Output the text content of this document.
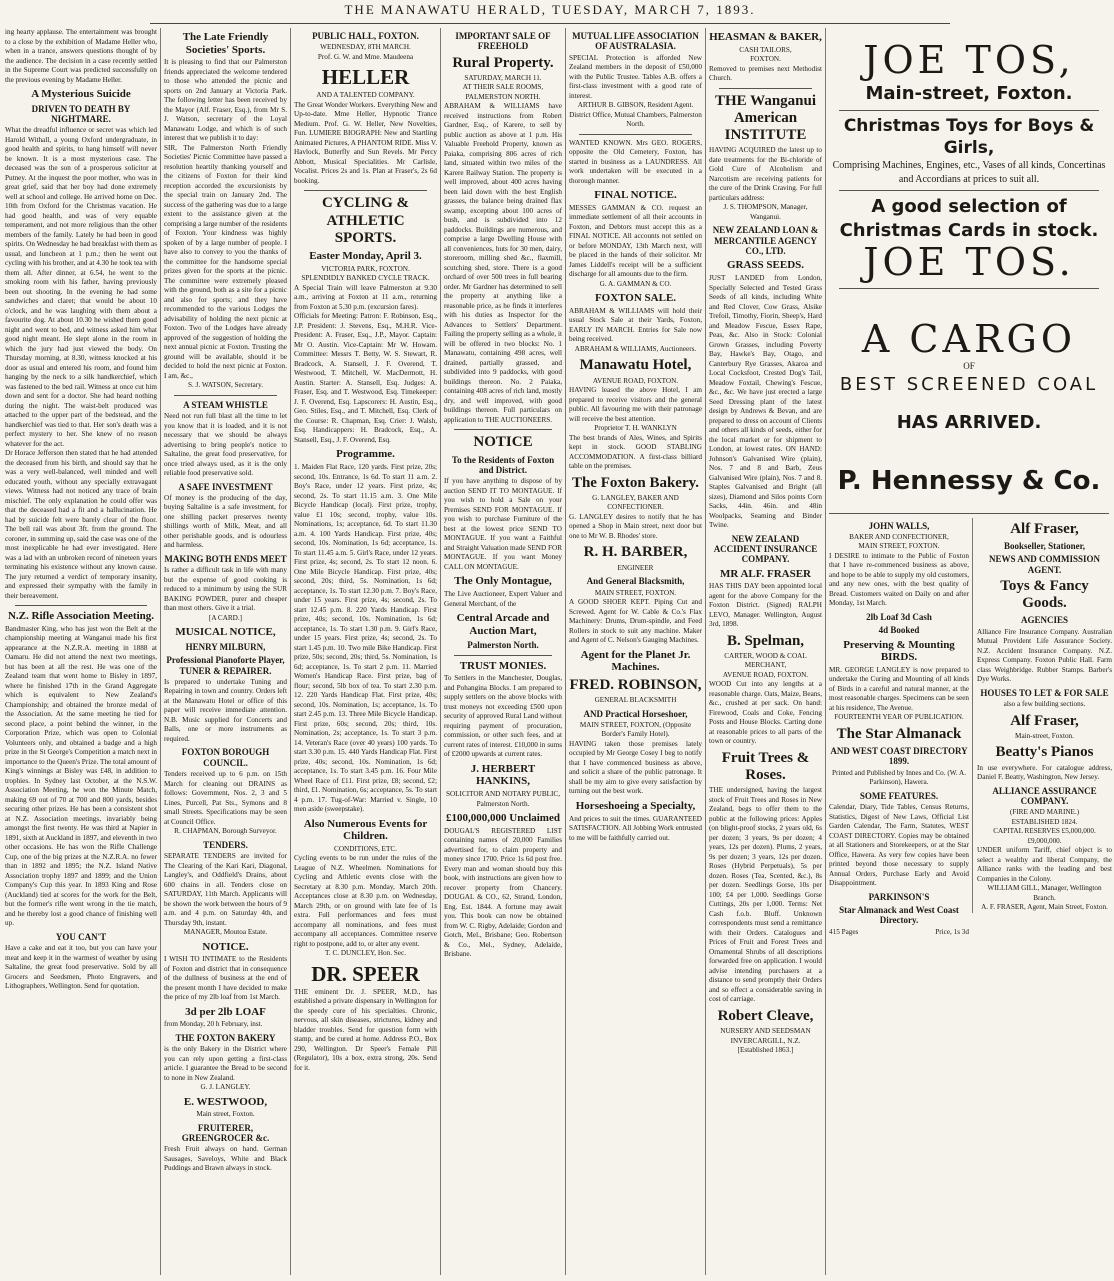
THE MANAWATU HERALD, TUESDAY, MARCH 7, 1893.

ing hearty applause. The entertainment was brought to a close by the exhibition of Madame Heller who, when in a trance, answers questions thought of by the audience. The decision in a case recently settled in the Supreme Court was predicted successfully on the previous evening by Madame Heller.

A Mysterious Suicide
DRIVEN TO DEATH BY NIGHTMARE.

What the dreadful influence or secret was which led Harold Withall, a young Oxford undergraduate, in good health and spirits, to hang himself will never be known. It is a most mysterious case. The deceased was the son of a prosperous solicitor at Putney. At the inquest the poor mother, who was in great grief, said that her boy had done extremely well at school and college. He arrived home on Dec. 10th from Oxford for the Christmas vacation. He had good health, and was of very equable temperament, and not more religious than the other members of the family. Lately he had been in good spirits. On Wednesday he had breakfast with them as usual, and luncheon at 1 p.m.; then he went out cycling with his brother, and at 4.30 he took tea with them all. After dinner, at 6.54, he went to the smoking room with his father, having previously been out shooting. In the evening he had some sandwiches and claret; that would be about 10 o'clock, and he was laughing with them about a favourite dog. At about 10.30 he wished them good night and went to bed, and witness asked him what good night meant. He slept alone in the room in which the jury had just viewed the body. On Thursday morning, at 8.30, witness knocked at his door as usual and entered his room, and found him hanging by the neck to a silk handkerchief, which was fastened to the bed rail. Witness at once cut him down and sent for a doctor. She had heard nothing during the night. The waist-belt produced was attached to the upper part of the bedstead, and the handkerchief was tied to that. Her son's death was a perfect mystery to her. She knew of no reason whatever for the act.

Dr Horace Jefferson then stated that he had attended the deceased from his birth, and should say that he was a very well-balanced, well minded and well educated youth, without any specially extravagant views. Witness had not noticed any trace of brain mischief. The only explanation he could offer was that the deceased had a fit and a hallucination. He had by suicide felt were barely clear of the floor. The bell rail was about 3ft. from the ground. The coroner, in summing up, said the case was one of the most inexplicable he had ever investigated. Here was a lad with an unbroken record of nineteen years terminating his existence without any known cause. The jury returned a verdict of temporary insanity, and expressed their sympathy with the family in their bereavement.

N.Z. Rifle Association Meeting.

Bandmaster King, who has just won the Belt at the championship meeting at Wanganui made his first appearance at the N.Z.R.A. meeting in 1888 at Oamaru. He did not attend the next two meetings, but has been at all the rest. He was one of the Zealand team that went home to Bisley in 1897, where he finished 17th in the Grand Aggregate which is equivalent to New Zealand's Championship; and obtained the bronze medal of the Association. At the same meeting he tied for second place, a point behind the winner, in the Corporation Prize, which was open to Colonial Volunteers only, and obtained a badge and a high prize in the St George's Competition a match next in importance to the Queen's Prize. The total amount of King's winnings at Bisley was £48, in addition to trophies. In Sydney last October, at the N.S.W. Association Meeting, he won the Minute Match, making 69 out of 70 at 700 and 800 yards, besides securing other prizes. He has been a consistent shot at N.Z. Association meetings, invariably being amongst the first twenty. He was third at Napier in 1891, sixth at Auckland in 1897, and eleventh in two other occasions. He has won the Rifle Challenge Cup, one of the big prizes at the N.Z.R.A. no fewer than in 1892 and 1895; the N.Z. Island Native Association trophy 1897 and 1899; and the Union Company's Cup this year. In 1893 King and Rose (Auckland) tied at scores for the work for the Belt, but the former's rifle went wrong in the tie match, and he thereby lost a good chance of finishing well up.

YOU CAN'T

Have a cake and eat it too, but you can have your meat and keep it in the warmest of weather by using Saltaline, the great food preservative. Sold by all Grocers and Seedsmen, Photo Engravers, and Lithographers, Wellington. Send for quotation.

The Late Friendly Societies' Sports.

It is pleasing to find that our Palmerston friends appreciated the welcome tendered to those who attended the picnic and sports on 2nd January at Victoria Park. The following letter has been received by the Mayor (Alf. Fraser, Esq.), from Mr S. J. Watson, secretary of the Loyal Manawatu Lodge, and which is of such interest that we publish it to day:

SIR, The Palmerston North Friendly Societies' Picnic Committee have passed a resolution heartily thanking yourself and the citizens of Foxton for their kind reception accorded the excursionists by the special train on January 2nd. The success of the gathering was due to a large extent to the assistance given at the comprising a large number of the residents of Foxton. Your kindness was highly spoken of by a large number of people. I have also to convey to you the thanks of the committee for the handsome special prizes given for the sports at the picnic. The committee were extremely pleased with the ground, both as a site for a picnic and also for sports; and they have recommended to the various Lodges the advisability of holding the next picnic at Foxton. Two of the Lodges have already approved of the suggestion of holding the next annual picnic at Foxton. Trusting the ground will be available, should it be decided to hold the next picnic at Foxton. I am, &c.,

S. J. WATSON, Secretary.
A STEAM WHISTLE

Need not run full blast all the time to let you know that it is loaded, and it is not necessary that we should be always advertising to bring people's notice to Saltaline, the great food preservative, for once tried always used, as it is the only reliable food preservative sold.

A SAFE INVESTMENT

Of money is the producing of the day, buying Saltaline is a safe investment, for one shilling packet preserves twenty shillings worth of Milk, Meat, and all other perishable goods, and is odourless and harmless.

MAKING BOTH ENDS MEET

Is rather a difficult task in life with many but the expense of good cooking is reduced to a minimum by using the SUR BAKING POWDER, purer and cheaper than most others. Give it a trial.

[A CARD.]
MUSICAL NOTICE,
HENRY MILBURN,
Professional Pianoforte Player, TUNER & REPAIRER.

Is prepared to undertake Tuning and Repairing in town and country. Orders left at the Manawatu Hotel or office of this paper will receive immediate attention. N.B. Music supplied for Concerts and Balls, one or more instruments as required.

FOXTON BOROUGH COUNCIL.

Tenders received up to 6 p.m. on 15th March for cleaning out DRAINS as follows: Government, Nos. 2, 3 and 5 Lines, Purcell, Pat Sts., Symons and 8 small Streets. Specifications may be seen at Council Office.

R. CHAPMAN, Borough Surveyor.
TENDERS.

SEPARATE TENDERS are invited for The Clearing of the Kari Kari, Diagonal, Langley's, and Oddfield's Drains, about 600 chains in all. Tenders close on SATURDAY, 11th March. Applicants will be shown the work between the hours of 9 a.m. and 4 p.m. on Saturday 4th, and Thursday 9th, instant.

MANAGER, Moutoa Estate.
NOTICE.

I WISH TO INTIMATE to the Residents of Foxton and district that in consequence of the dullness of business at the end of the present month I have decided to make the price of my 2lb loaf from 1st March.

3d per 2lb LOAF

from Monday, 20 h February, inst.

THE FOXTON BAKERY

is the only Bakery in the District where you can rely upon getting a first-class article. I guarantee the Bread to be second to none in New Zealand.

G. J. LANGLEY.
E. WESTWOOD,
Main street, Foxton.
FRUITERER, GREENGROCER &c.

Fresh Fruit always on hand. German Sausages, Saveloys, White and Black Puddings and Brawn always in stock.

PUBLIC HALL, FOXTON.
WEDNESDAY, 8TH MARCH.
Prof. G. W. and Mme. Maudeena
HELLER
AND A TALENTED COMPANY.

The Great Wonder Workers. Everything New and Up-to-date. Mme Heller, Hypnotic Trance Medium. Prof. G. W. Heller, New Novelties, Fun. LUMIERE BIOGRAPH: New and Startling Animated Pictures, A PHANTOM RIDE. Miss V. Havlock, Butterfly and Sun Revels. Mr Percy Abbott, Musical Specialities. Mr Carlisle, Vocalist. Prices 2s and 1s. Plan at Fraser's, 2s 6d booking.

CYCLING & ATHLETIC SPORTS.
Easter Monday, April 3.
VICTORIA PARK, FOXTON.
SPLENDIDLY BANKED CYCLE TRACK.

A Special Train will leave Palmerston at 9.30 a.m., arriving at Foxton at 11 a.m., returning from Foxton at 5.30 p.m. (excursion fares).

Officials for Meeting: Patron: F. Robinson, Esq., J.P. President: J. Stevens, Esq., M.H.R. Vice-President: A. Fraser, Esq., J.P., Mayor. Captain: Mr O. Austin. Vice-Captain: Mr W. Howam. Committee: Messrs T. Betty, W. S. Stewart, R. Bradcock, A. Stansell, J. F. Overend, T. Westwood, T. Mitchell, W. MacDermott, H. Austin. Starter: A. Stansell, Esq. Judges: A. Fraser, Esq. and T. Westwood, Esq. Timekeeper: J. F. Overend, Esq. Lapscorers: H. Austin, Esq., Geo. Stiles, Esq., and T. Mitchell, Esq. Clerk of the Course: R. Chapman, Esq. Crier: J. Walsh, Esq. Handicappers: H. Bradcock, Esq., A. Stansell, Esq., J. F. Overend, Esq.

Programme.

1. Maiden Flat Race, 120 yards. First prize, 20s; second, 10s. Entrance, 1s 6d. To start 11 a.m. 2. Boy's Race, under 12 years. First prize, 4s; second, 2s. To start 11.15 a.m. 3. One Mile Bicycle Handicap (local). First prize, trophy, value £1 10s; second, trophy, value 10s. Nominations, 1s; acceptance, 6d. To start 11.30 a.m. 4. 100 Yards Handicap. First prize, 40s; second, 10s. Nomination, 1s 6d; acceptance, 1s. To start 11.45 a.m. 5. Girl's Race, under 12 years. First prize, 4s; second, 2s. To start 12 noon. 6. One Mile Bicycle Handicap. First prize, 40s; second, 20s; third, 5s. Nomination, 1s 6d; acceptance, 1s. To start 12.30 p.m. 7. Boy's Race, under 15 years. First prize, 4s; second, 2s. To start 12.45 p.m. 8. 220 Yards Handicap. First prize, 40s; second, 10s. Nomination, 1s 6d; acceptance, 1s. To start 1.30 p.m. 9. Girl's Race, under 15 years. First prize, 4s; second, 2s. To start 1.45 p.m. 10. Two mile Bike Handicap. First prize, 50s; second, 20s; third, 5s. Nomination, 1s 6d; acceptance, 1s. To start 2 p.m. 11. Married Women's Handicap Race. First prize, bag of flour; second, 5lb box of tea. To start 2.30 p.m. 12. 220 Yards Handicap Flat. First prize, 40s; second, 10s. Nomination, 1s; acceptance, 1s. To start 2.45 p.m. 13. Three Mile Bicycle Handicap. First prize, 60s; second, 20s; third, 10s. Nomination, 2s; acceptance, 1s. To start 3 p.m. 14. Veteran's Race (over 40 years) 100 yards. To start 3.30 p.m. 15. 440 Yards Handicap Flat. First prize, 40s; second, 10s. Nomination, 1s 6d; acceptance, 1s. To start 3.45 p.m. 16. Four Mile Wheel Race of £11. First prize, £8; second, £2; third, £1. Nomination, 6s; acceptance, 5s. To start 4 p.m. 17. Tug-of-War: Married v. Single, 10 men aside (sweepstake).

Also Numerous Events for Children.
CONDITIONS, ETC.

Cycling events to be run under the rules of the League of N.Z. Wheelmen. Nominations for Cycling and Athletic events close with the Secretary at 8.30 p.m. Monday, March 20th. Acceptances close at 8.30 p.m. on Wednesday, March 29th, or on ground with late fee of 1s extra. Full performances and fees must accompany all nominations, and fees must accompany all acceptances. Committee reserve right to postpone, add to, or alter any event.

T. C. DUNCLEY, Hon. Sec.
DR. SPEER

THE eminent Dr. J. SPEER, M.D., has established a private dispensary in Wellington for the speedy cure of his specialties. Chronic, nervous, all skin diseases, strictures, kidney and bladder troubles. Send for question form with stamp, and be cured at home. Address P.O., Box 290, Wellington. Dr Speer's Female Pill (Regulator), 10s a box, extra strong, 20s. Send for it.

IMPORTANT SALE OF FREEHOLD
Rural Property.
SATURDAY, MARCH 11.
AT THEIR SALE ROOMS, PALMERSTON NORTH.

ABRAHAM & WILLIAMS have received instructions from Robert Gardner, Esq., of Karere, to sell by public auction as above at 1 p.m. His Valuable Freehold Property, known as Paiaka, comprising 806 acres of rich land, situated within two miles of the Karere Railway Station. The property is well improved, about 400 acres having been laid down with the best English grasses, the balance being drained flax swamp, excepting about 100 acres of bush, and is subdivided into 12 paddocks. Buildings are numerous, and comprise a large Dwelling House with all conveniences, huts for 30 men, dairy, storeroom, milling shed &c., flaxmill, scutching shed, store. There is a good orchard of over 500 trees in full bearing order. Mr Gardner has determined to sell the property at anything like a reasonable price, as he finds it interferes with his duties as Inspector for the Advances to Settlers' Department. Failing the property selling as a whole, it will be offered in two blocks: No. 1 Manawatu, containing 498 acres, well drained, partially grassed, and subdivided into 9 paddocks, with good buildings thereon. No. 2 Paiaka, containing 408 acres of rich land, mostly dry, and well improved, with good buildings thereon. Full particulars on application to THE AUCTIONEERS.

NOTICE
To the Residents of Foxton and District.

If you have anything to dispose of by auction SEND IT TO MONTAGUE. If you wish to hold a Sale on your Premises SEND FOR MONTAGUE. If you wish to purchase Furniture of the best at the lowest price SEND TO MONTAGUE. If you want a Faithful and Straight Valuation made SEND FOR MONTAGUE. If you want Money CALL ON MONTAGUE.

The Only Montague,

The Live Auctioneer, Expert Valuer and General Merchant, of the

Central Arcade and Auction Mart,
Palmerston North.
TRUST MONIES.

To Settlers in the Manchester, Douglas, and Pohangina Blocks. I am prepared to supply settlers on the above blocks with trust moneys not exceeding £500 upon security of approved Rural Land without requiring payment of procuration, commission, or other such fees, and at current rates of interest. £10,000 in sums of £2000 upwards at current rates.

J. HERBERT HANKINS,
SOLICITOR AND NOTARY PUBLIC, Palmerston North.
£100,000,000 Unclaimed

DOUGAL'S REGISTERED LIST containing names of 20,000 Families advertised for, to claim property and money since 1700. Price 1s 6d post free. Every man and woman should buy this book, with instructions are given how to recover property from Chancery. DOUGAL & CO., 62, Strand, London, Eng. Est. 1844. A fortune may await you. This book can now be obtained from W. C. Rigby, Adelaide; Gordon and Gotch, Mel., Brisbane; Geo. Robertson & Co., Mel., Sydney, Adelaide, Brisbane.

MUTUAL LIFE ASSOCIATION OF AUSTRALASIA.

SPECIAL Protection is afforded New Zealand members in the deposit of £50,000 with the Public Trustee. Tables A.B. offers a first-class investment with a good rate of interest.

ARTHUR B. GIBSON, Resident Agent. District Office, Mutual Chambers, Palmerston North.

WANTED KNOWN. Mrs GEO. ROGERS, opposite the Old Cemetery, Foxton, has started in business as a LAUNDRESS. All work undertaken will be executed in a thorough manner.

FINAL NOTICE.

MESSES GAMMAN & CO. request an immediate settlement of all their accounts in Foxton, and Debtors must accept this as a FINAL NOTICE. All accounts not settled on or before MONDAY, 13th March next, will be placed in the hands of their solicitor. Mr James Liddell's receipt will be a sufficient discharge for all amounts due to the firm.

G. A. GAMMAN & CO.
FOXTON SALE.

ABRAHAM & WILLIAMS will hold their usual Stock Sale at their Yards, Foxton, EARLY IN MARCH. Entries for Sale now being received.

ABRAHAM & WILLIAMS, Auctioneers.
Manawatu Hotel,
AVENUE ROAD, FOXTON.

HAVING leased the above Hotel, I am prepared to receive visitors and the general public. All favouring me with their patronage will receive the best attention.

Proprietor T. H. WANKLYN

The best brands of Ales, Wines, and Spirits kept in stock. GOOD STABLING ACCOMMODATION. A first-class billiard table on the premises.

The Foxton Bakery.
G. LANGLEY, BAKER AND CONFECTIONER.

G. LANGLEY desires to notify that he has opened a Shop in Main street, next door but one to Mr W. B. Rhodes' store.

R. H. BARBER,
ENGINEER
And General Blacksmith,
MAIN STREET, FOXTON.

A GOOD SHOER KEPT. Piping Cut and Screwed. Agent for W. Cable & Co.'s Flax Machinery: Drums, Drum-spindle, and Feed Rollers in stock to suit any machine. Maker and Agent of C. Nelson's Gauging Machines.

Agent for the Planet Jr. Machines.
FRED. ROBINSON,
GENERAL BLACKSMITH
AND Practical Horseshoer,
MAIN STREET, FOXTON, (Opposite Border's Family Hotel).

HAVING taken those premises lately occupied by Mr George Cosey I beg to notify that I have commenced business as above, and solicit a share of the public patronage. It shall be my aim to give every satisfaction by turning out the best work.

Horseshoeing a Specialty,

And prices to suit the times. GUARANTEED SATISFACTION. All Jobbing Work entrusted to me will be faithfully carried out.

HEASMAN & BAKER,
CASH TAILORS,
FOXTON.

Removed to premises next Methodist Church.

THE Wanganui American INSTITUTE

HAVING ACQUIRED the latest up to date treatments for the Bi-chloride of Gold Cure of Alcoholism and Narcotism are receiving patients for the cure of the Drink Craving. For full particulars address:

J. S. THOMPSON, Manager, Wanganui.
NEW ZEALAND LOAN & MERCANTILE AGENCY CO., LTD.
GRASS SEEDS.

JUST LANDED from London, Specially Selected and Tested Grass Seeds of all kinds, including White and Red Clover, Cow Grass, Alsike Trefoil, Timothy, Fiorin, Sheep's, Hard and Meadow Fescue, Essex Rape, Peas, &c. Also in Stock: Colonial Grown Grasses, including Poverty Bay, Hawke's Bay, Otago, and Canterbury Rye Grasses, Akaroa and Local Cocksfoot, Crested Dog's Tail, Meadow Foxtail, Chewing's Fescue, &c., &c. We have just erected a large Seed Dressing plant of the latest design by Andrews & Bevan, and are prepared to dress on account of Clients and others all kinds of seeds, either for the local market or for shipment to London, at lowest rates. ON HAND: Johnson's Galvanised Wire (plain), Nos. 7 and 8 and Barb, Zeus Galvanised Wire (plain), Nos. 7 and 8. Staples Galvanised and Bright (all sizes), Diamond and Silos points Corn Sacks, 44in. 46in. and 48in Woolpacks, Seaming and Binder Twine.

NEW ZEALAND ACCIDENT INSURANCE COMPANY.
MR ALF. FRASER

HAS THIS DAY been appointed local agent for the above Company for the Foxton District. (Signed) RALPH LEVO, Manager. Wellington, August 3rd, 1898.

B. Spelman,
CARTER, WOOD & COAL MERCHANT,
AVENUE ROAD, FOXTON.

WOOD Cut into any lengths at a reasonable charge. Oats, Maize, Beans, &c., crushed at per sack. On hand: Firewood, Coals and Coke, Fencing Posts and House Blocks. Carting done at reasonable prices to all parts of the town or country.

Fruit Trees & Roses.

THE undersigned, having the largest stock of Fruit Trees and Roses in New Zealand, begs to offer them to the public at the following prices: Apples (on blight-proof stocks, 2 years old, 6s per dozen; 3 years, 9s per dozen; 4 years, 12s per dozen). Plums, 2 years, 9s per dozen; 3 years, 12s per dozen. Roses (Hybrid Perpetuals), 5s per dozen. Roses (Tea, Scented, &c.), 8s per dozen. Seedlings Gorse, 10s per 100; £4 per 1,000. Seedlings Gorse Cuttings, 20s per 1,000. Terms: Net Cash f.o.b. Bluff. Unknown correspondents must send a remittance with their Orders. Catalogues and Prices of Fruit and Forest Trees and Ornamental Shrubs of all descriptions forwarded free on application. I would advise intending purchasers at a distance to send promptly their Orders and so effect a considerable saving in cost of carriage.

Robert Cleave,
NURSERY AND SEEDSMAN INVERCARGILL, N.Z.
[Established 1863.]
JOE TOS,
Main-street, Foxton.
Christmas Toys for Boys & Girls,
Comprising Machines, Engines, etc., Vases of all kinds, Concertinas and Accordians at prices to suit all.
A good selection of Christmas Cards in stock.
JOE TOS.
A CARGO
OF
BEST SCREENED COAL
HAS ARRIVED.
P. Hennessy & Co.
JOHN WALLS,
BAKER AND CONFECTIONER,
MAIN STREET, FOXTON.

I DESIRE to intimate to the Public of Foxton that I have re-commenced business as above, and hope to be able to supply my old customers, and any new ones, with the best quality of Bread. Customers waited on Daily on and after Monday, 1st March.

2lb Loaf 3d Cash
4d Booked
Preserving & Mounting BIRDS.

MR. GEORGE LANGLEY is now prepared to undertake the Curing and Mounting of all kinds of Birds in a careful and natural manner, at the most reasonable charges. Specimens can be seen at his residence, The Avenue.

FOURTEENTH YEAR OF PUBLICATION.
The Star Almanack
AND WEST COAST DIRECTORY 1899.
Printed and Published by Innes and Co. (W. A. Parkinson), Hawera.
SOME FEATURES.

Calendar, Diary, Tide Tables, Census Returns, Statistics, Digest of New Laws, Official List Garden Calendar, The Farm, Statutes, WEST COAST DIRECTORY. Copies may be obtained at all Stationers and Storekeepers, or at the Star Office, Hawera. As very few copies have been printed beyond those necessary to supply Annual Orders, Purchase Early and Avoid Disappointment.

PARKINSON'S
Star Almanack and West Coast Directory.
415 Pages	Price, 1s 3d
Alf Fraser,
Bookseller, Stationer,
NEWS AND COMMISSION AGENT.
Toys & Fancy Goods.
AGENCIES

Alliance Fire Insurance Company. Australian Mutual Provident Life Assurance Society. N.Z. Accident Insurance Company. N.Z. Express Company. Foxton Public Hall. Farm class Weighbridge. Rubber Stamps. Barber's Dye Works.

HOUSES TO LET & FOR SALE
also a few building sections.
Alf Fraser,
Main-street, Foxton.
Beatty's Pianos

In use everywhere. For catalogue address, Daniel F. Beatty, Washington, New Jersey.

ALLIANCE ASSURANCE COMPANY.
(FIRE AND MARINE.)
ESTABLISHED 1824.
CAPITAL RESERVES £5,000,000. £9,000,000.

UNDER uniform Tariff, chief object is to select a wealthy and liberal Company, the Alliance ranks with the leading and best Companies in the Colony.

WILLIAM GILL, Manager, Wellington Branch.
A. F. FRASER, Agent, Main Street, Foxton.
